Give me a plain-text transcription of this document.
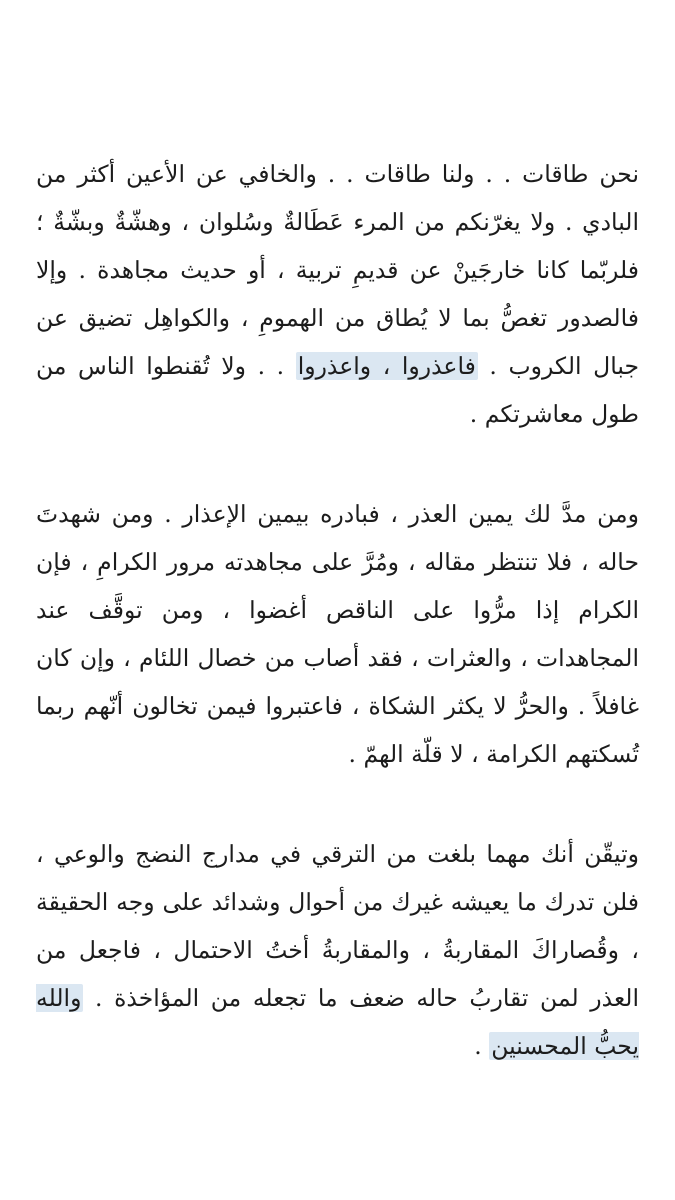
نحن طاقات . . ولنا طاقات . . والخافي عن الأعين أكثر من البادي . ولا يغرّنكم من المرء عَطَالةٌ وسُلوان ، وهشّةٌ وبشّةٌ ؛ فلربّما كانا خارجَينْ عن قديمِ تربية ، أو حديث مجاهدة . وإلا فالصدور تغصُّ بما لا يُطاق من الهمومِ ، والكواهِل تضيق عن جبال الكروب . فاعذروا ، واعذروا . . ولا تُقنطوا الناس من طول معاشرتكم .

ومن مدَّ لك يمين العذر ، فبادره بيمين الإعذار . ومن شهدتَ حاله ، فلا تنتظر مقاله ، ومُرَّ على مجاهدته مرور الكرامِ ، فإن الكرام إذا مرُّوا على الناقص أغضوا ، ومن توقَّف عند المجاهدات ، والعثرات ، فقد أصاب من خصال اللئام ، وإن كان غافلاً . والحرُّ لا يكثر الشكاة ، فاعتبروا فيمن تخالون أنّهم ربما تُسكتهم الكرامة ، لا قلّة الهمّ .

وتيقّن أنك مهما بلغت من الترقي في مدارج النضج والوعي ، فلن تدرك ما يعيشه غيرك من أحوال وشدائد على وجه الحقيقة ، وقُصاراكَ المقاربةُ ، والمقاربةُ أختُ الاحتمال ، فاجعل من العذر لمن تقاربُ حاله ضعف ما تجعله من المؤاخذة . والله يحبُّ المحسنين .
